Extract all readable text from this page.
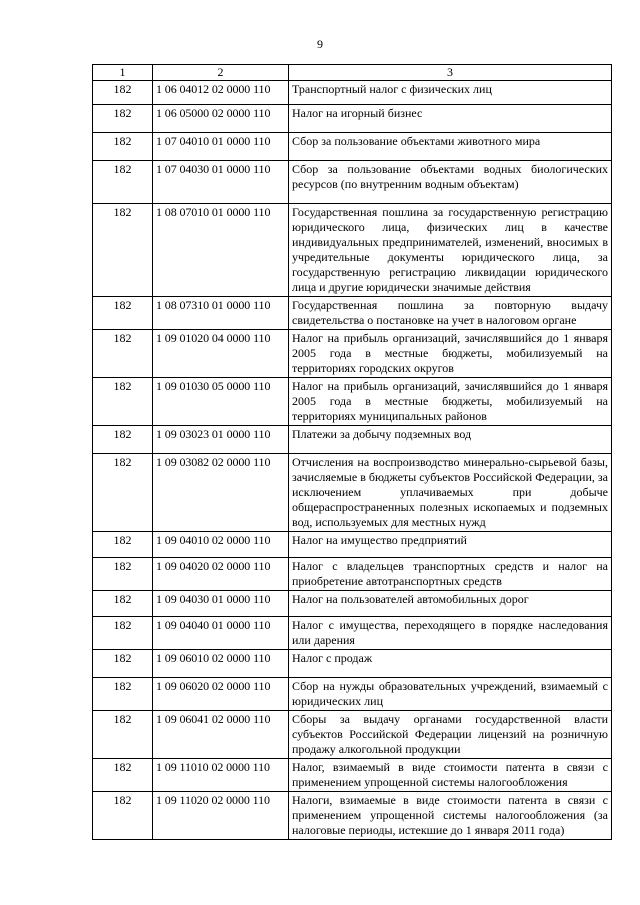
9
1	2	3
182	1 06 04012 02 0000 110	Транспортный налог с физических лиц
182	1 06 05000 02 0000 110	Налог на игорный бизнес
182	1 07 04010 01 0000 110	Сбор за пользование объектами животного мира
182	1 07 04030 01 0000 110	Сбор за пользование объектами водных биологических ресурсов (по внутренним водным объектам)
182	1 08 07010 01 0000 110	Государственная пошлина за государственную регистрацию юридического лица, физических лиц в качестве индивидуальных предпринимателей, изменений, вносимых в учредительные документы юридического лица, за государственную регистрацию ликвидации юридического лица и другие юридически значимые действия
182	1 08 07310 01 0000 110	Государственная пошлина за повторную выдачу свидетельства о постановке на учет в налоговом органе
182	1 09 01020 04 0000 110	Налог на прибыль организаций, зачислявшийся до 1 января 2005 года в местные бюджеты, мобилизуемый на территориях городских округов
182	1 09 01030 05 0000 110	Налог на прибыль организаций, зачислявшийся до 1 января 2005 года в местные бюджеты, мобилизуемый на территориях муниципальных районов
182	1 09 03023 01 0000 110	Платежи за добычу подземных вод
182	1 09 03082 02 0000 110	Отчисления на воспроизводство минерально-сырьевой базы, зачисляемые в бюджеты субъектов Российской Федерации, за исключением уплачиваемых при добыче общераспространенных полезных ископаемых и подземных вод, используемых для местных нужд
182	1 09 04010 02 0000 110	Налог на имущество предприятий
182	1 09 04020 02 0000 110	Налог с владельцев транспортных средств и налог на приобретение автотранспортных средств
182	1 09 04030 01 0000 110	Налог на пользователей автомобильных дорог
182	1 09 04040 01 0000 110	Налог с имущества, переходящего в порядке наследования или дарения
182	1 09 06010 02 0000 110	Налог с продаж
182	1 09 06020 02 0000 110	Сбор на нужды образовательных учреждений, взимаемый с юридических лиц
182	1 09 06041 02 0000 110	Сборы за выдачу органами государственной власти субъектов Российской Федерации лицензий на розничную продажу алкогольной продукции
182	1 09 11010 02 0000 110	Налог, взимаемый в виде стоимости патента в связи с применением упрощенной системы налогообложения
182	1 09 11020 02 0000 110	Налоги, взимаемые в виде стоимости патента в связи с применением упрощенной системы налогообложения (за налоговые периоды, истекшие до 1 января 2011 года)
